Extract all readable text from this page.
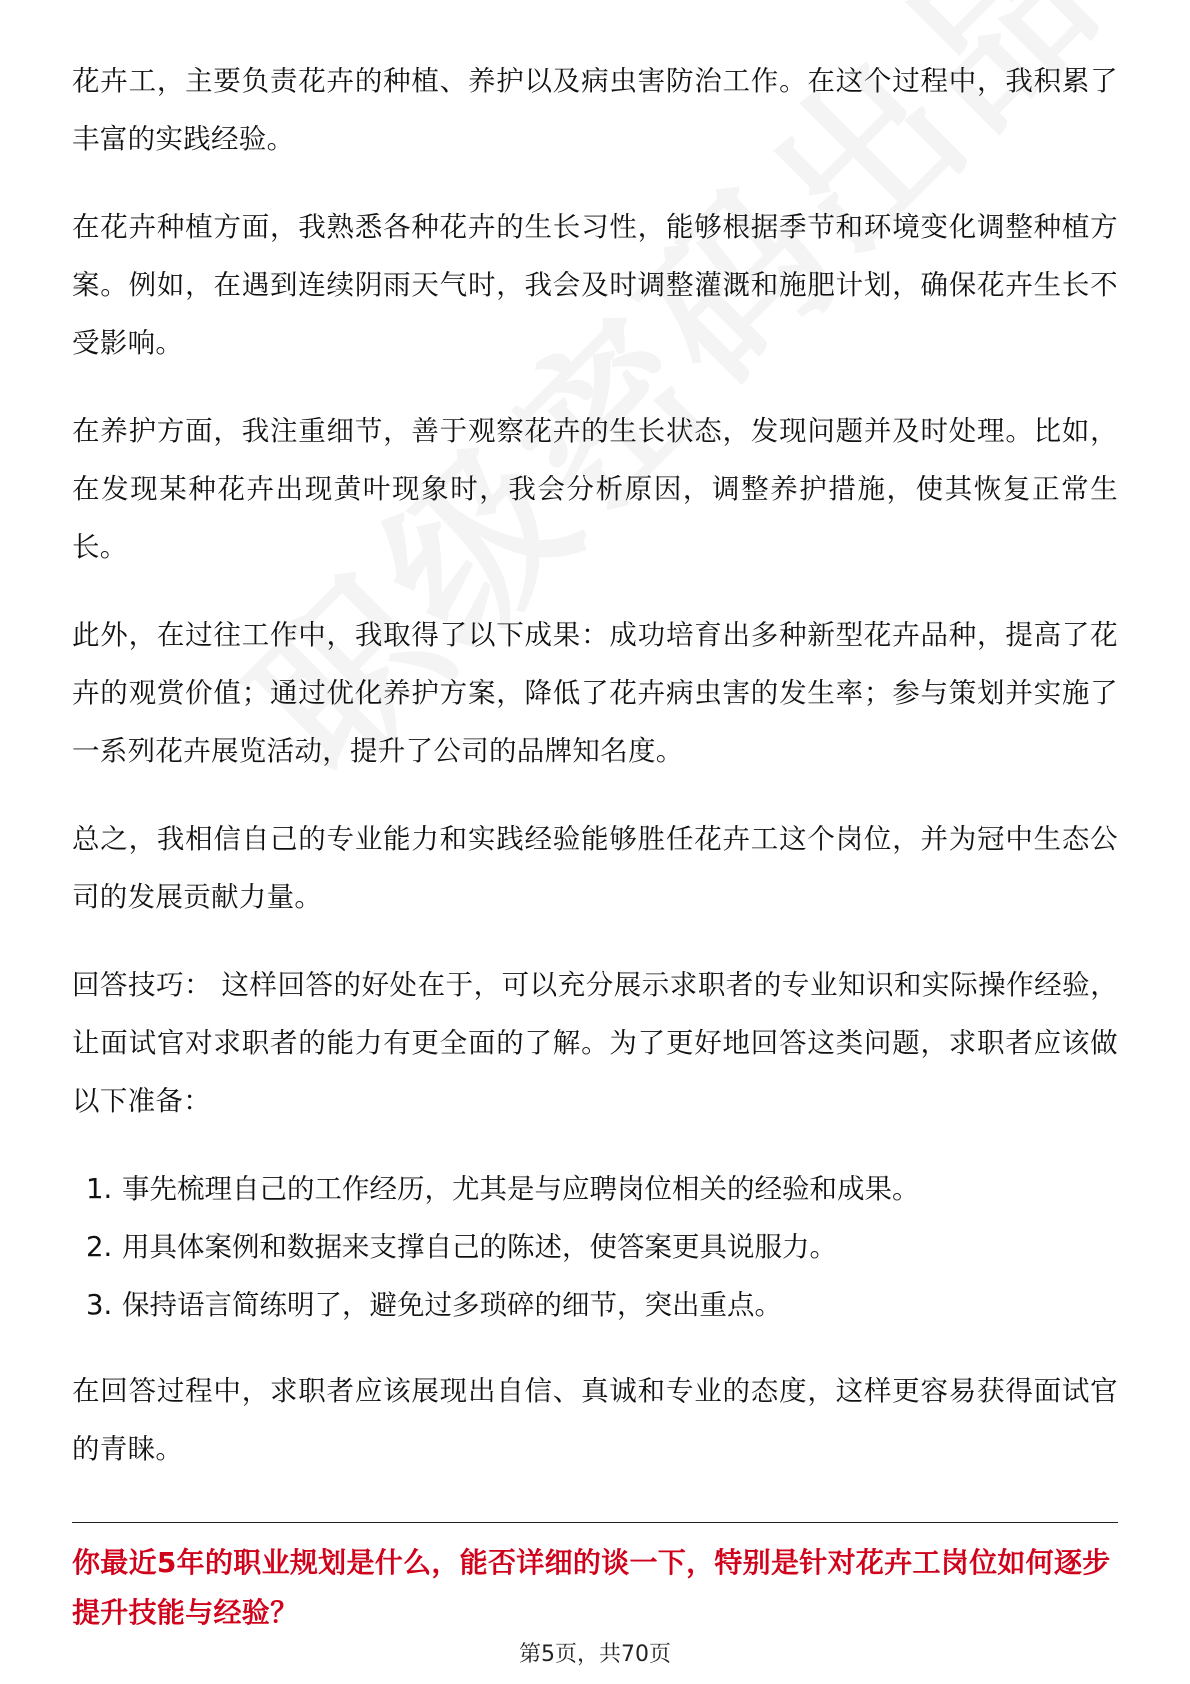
花卉工，主要负责花卉的种植、养护以及病虫害防治工作。在这个过程中，我积累了丰富的实践经验。

在花卉种植方面，我熟悉各种花卉的生长习性，能够根据季节和环境变化调整种植方案。例如，在遇到连续阴雨天气时，我会及时调整灌溉和施肥计划，确保花卉生长不受影响。

在养护方面，我注重细节，善于观察花卉的生长状态，发现问题并及时处理。比如，在发现某种花卉出现黄叶现象时，我会分析原因，调整养护措施，使其恢复正常生长。

此外，在过往工作中，我取得了以下成果：成功培育出多种新型花卉品种，提高了花卉的观赏价值；通过优化养护方案，降低了花卉病虫害的发生率；参与策划并实施了一系列花卉展览活动，提升了公司的品牌知名度。

总之，我相信自己的专业能力和实践经验能够胜任花卉工这个岗位，并为冠中生态公司的发展贡献力量。

回答技巧： 这样回答的好处在于，可以充分展示求职者的专业知识和实际操作经验，让面试官对求职者的能力有更全面的了解。为了更好地回答这类问题，求职者应该做以下准备：

1. 事先梳理自己的工作经历，尤其是与应聘岗位相关的经验和成果。
2. 用具体案例和数据来支撑自己的陈述，使答案更具说服力。
3. 保持语言简练明了，避免过多琐碎的细节，突出重点。

在回答过程中，求职者应该展现出自信、真诚和专业的态度，这样更容易获得面试官的青睐。

你最近5年的职业规划是什么，能否详细的谈一下，特别是针对花卉工岗位如何逐步提升技能与经验？
第5页，共70页
